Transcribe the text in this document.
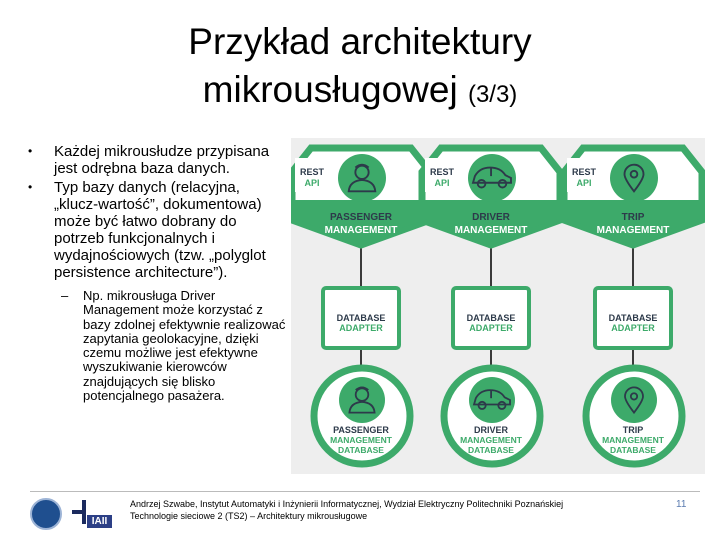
Przykład architektury
mikrousługowej (3/3)
•	Każdej mikrousłudze przypisana jest odrębna baza danych.
•	Typ bazy danych (relacyjna, „klucz-wartość”, dokumentowa) może być łatwo dobrany do potrzeb funkcjonalnych i wydajnościowych (tzw. „polyglot persistence architecture”).
–	Np. mikrousługa Driver Management może korzystać z bazy zdolnej efektywnie realizować zapytania geolokacyjne, dzięki czemu możliwe jest efektywne wyszukiwanie kierowców znajdujących się blisko potencjalnego pasażera.
REST
API
PASSENGER
MANAGEMENT
DATABASE
ADAPTER
PASSENGER
MANAGEMENT
DATABASE
REST
API
DRIVER
MANAGEMENT
DATABASE
ADAPTER
DRIVER
MANAGEMENT
DATABASE
REST
API
TRIP
MANAGEMENT
DATABASE
ADAPTER
TRIP
MANAGEMENT
DATABASE
IAII
Andrzej Szwabe, Instytut Automatyki i Inżynierii Informatycznej, Wydział Elektryczny Politechniki Poznańskiej
Technologie sieciowe 2 (TS2) – Architektury mikrousługowe
11
